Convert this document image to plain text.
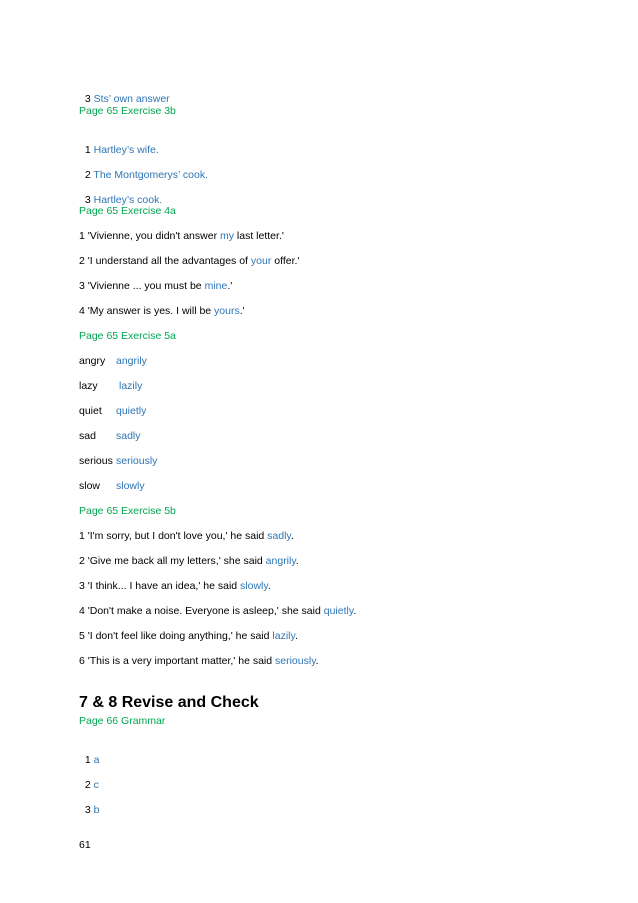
3 Sts’ own answer

Page 65 Exercise 3b

1 Hartley’s wife.

2 The Montgomerys’ cook.

3 Hartley’s cook.

Page 65 Exercise 4a
1 'Vivienne, you didn't answer my last letter.'
2 'I understand all the advantages of your offer.'
3 'Vivienne ... you must be mine.'
4 'My answer is yes. I will be yours.'
Page 65 Exercise 5a
angry angrily
lazy lazily
quiet quietly
sad sadly
serious seriously
slow slowly
Page 65 Exercise 5b
1 'I'm sorry, but I don't love you,' he said sadly.
2 'Give me back all my letters,' she said angrily.
3 'I think... I have an idea,' he said slowly.
4 'Don't make a noise. Everyone is asleep,' she said quietly.
5 'I don't feel like doing anything,' he said lazily.
6 'This is a very important matter,' he said seriously.
7 & 8 Revise and Check
Page 66 Grammar

1 a

2 c

3 b

61
